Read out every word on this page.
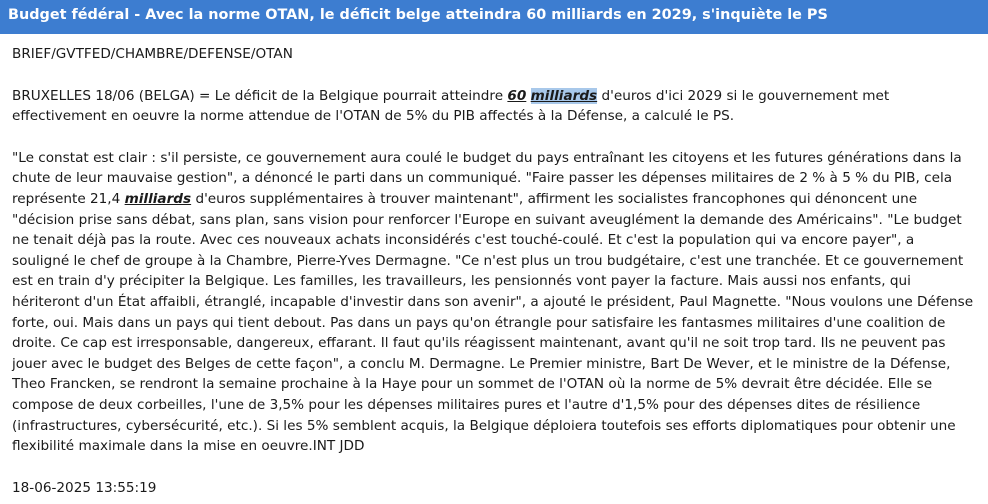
Budget fédéral - Avec la norme OTAN, le déficit belge atteindra 60 milliards en 2029, s'inquiète le PS

BRIEF/GVTFED/CHAMBRE/DEFENSE/OTAN

BRUXELLES 18/06 (BELGA) = Le déficit de la Belgique pourrait atteindre 60 milliards d'euros d'ici 2029 si le gouvernement met effectivement en oeuvre la norme attendue de l'OTAN de 5% du PIB affectés à la Défense, a calculé le PS.

"Le constat est clair : s'il persiste, ce gouvernement aura coulé le budget du pays entraînant les citoyens et les futures générations dans la chute de leur mauvaise gestion", a dénoncé le parti dans un communiqué. "Faire passer les dépenses militaires de 2 % à 5 % du PIB, cela représente 21,4 milliards d'euros supplémentaires à trouver maintenant", affirment les socialistes francophones qui dénoncent une "décision prise sans débat, sans plan, sans vision pour renforcer l'Europe en suivant aveuglément la demande des Américains". "Le budget ne tenait déjà pas la route. Avec ces nouveaux achats inconsidérés c'est touché-coulé. Et c'est la population qui va encore payer", a souligné le chef de groupe à la Chambre, Pierre-Yves Dermagne. "Ce n'est plus un trou budgétaire, c'est une tranchée. Et ce gouvernement est en train d'y précipiter la Belgique. Les familles, les travailleurs, les pensionnés vont payer la facture. Mais aussi nos enfants, qui hériteront d'un État affaibli, étranglé, incapable d'investir dans son avenir", a ajouté le président, Paul Magnette. "Nous voulons une Défense forte, oui. Mais dans un pays qui tient debout. Pas dans un pays qu'on étrangle pour satisfaire les fantasmes militaires d'une coalition de droite. Ce cap est irresponsable, dangereux, effarant. Il faut qu'ils réagissent maintenant, avant qu'il ne soit trop tard. Ils ne peuvent pas jouer avec le budget des Belges de cette façon", a conclu M. Dermagne. Le Premier ministre, Bart De Wever, et le ministre de la Défense, Theo Francken, se rendront la semaine prochaine à la Haye pour un sommet de l'OTAN où la norme de 5% devrait être décidée. Elle se compose de deux corbeilles, l'une de 3,5% pour les dépenses militaires pures et l'autre d'1,5% pour des dépenses dites de résilience (infrastructures, cybersécurité, etc.). Si les 5% semblent acquis, la Belgique déploiera toutefois ses efforts diplomatiques pour obtenir une flexibilité maximale dans la mise en oeuvre.INT JDD

18-06-2025 13:55:19
